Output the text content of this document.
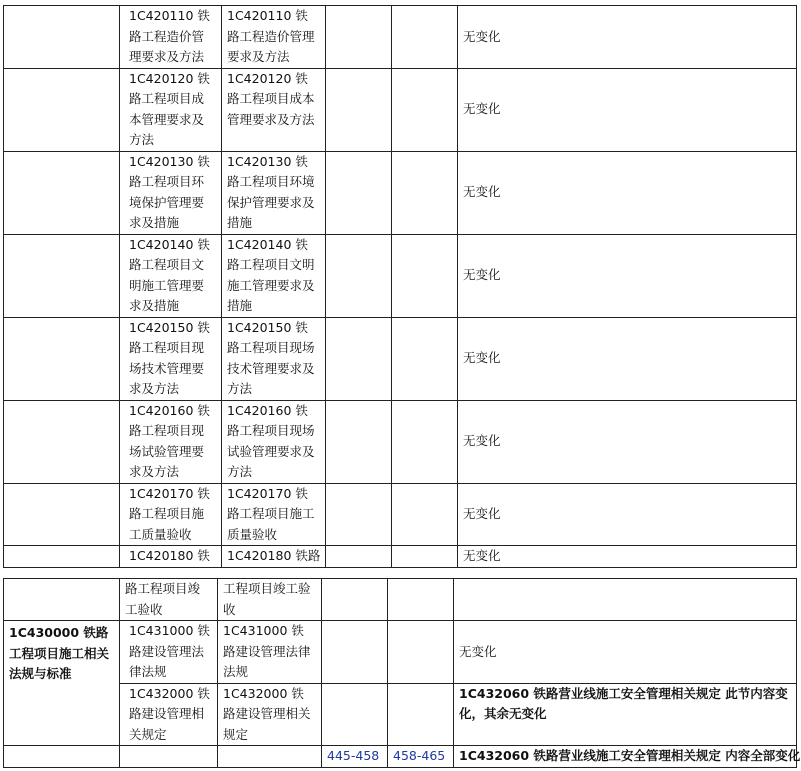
	1C420110 铁路工程造价管理要求及方法	1C420110 铁路工程造价管理要求及方法			无变化
	1C420120 铁路工程项目成本管理要求及方法	1C420120 铁路工程项目成本管理要求及方法			无变化
	1C420130 铁路工程项目环境保护管理要求及措施	1C420130 铁路工程项目环境保护管理要求及措施			无变化
	1C420140 铁路工程项目文明施工管理要求及措施	1C420140 铁路工程项目文明施工管理要求及措施			无变化
	1C420150 铁路工程项目现场技术管理要求及方法	1C420150 铁路工程项目现场技术管理要求及方法			无变化
	1C420160 铁路工程项目现场试验管理要求及方法	1C420160 铁路工程项目现场试验管理要求及方法			无变化
	1C420170 铁路工程项目施工质量验收	1C420170 铁路工程项目施工质量验收			无变化
	1C420180 铁	1C420180 铁路			无变化
	路工程项目竣工验收	工程项目竣工验收			
1C430000 铁路工程项目施工相关法规与标准	1C431000 铁路建设管理法律法规	1C431000 铁路建设管理法律法规			无变化
	1C432000 铁路建设管理相关规定	1C432000 铁路建设管理相关规定			1C432060 铁路营业线施工安全管理相关规定 此节内容变化，其余无变化
			445-458	458-465	1C432060 铁路营业线施工安全管理相关规定 内容全部变化
